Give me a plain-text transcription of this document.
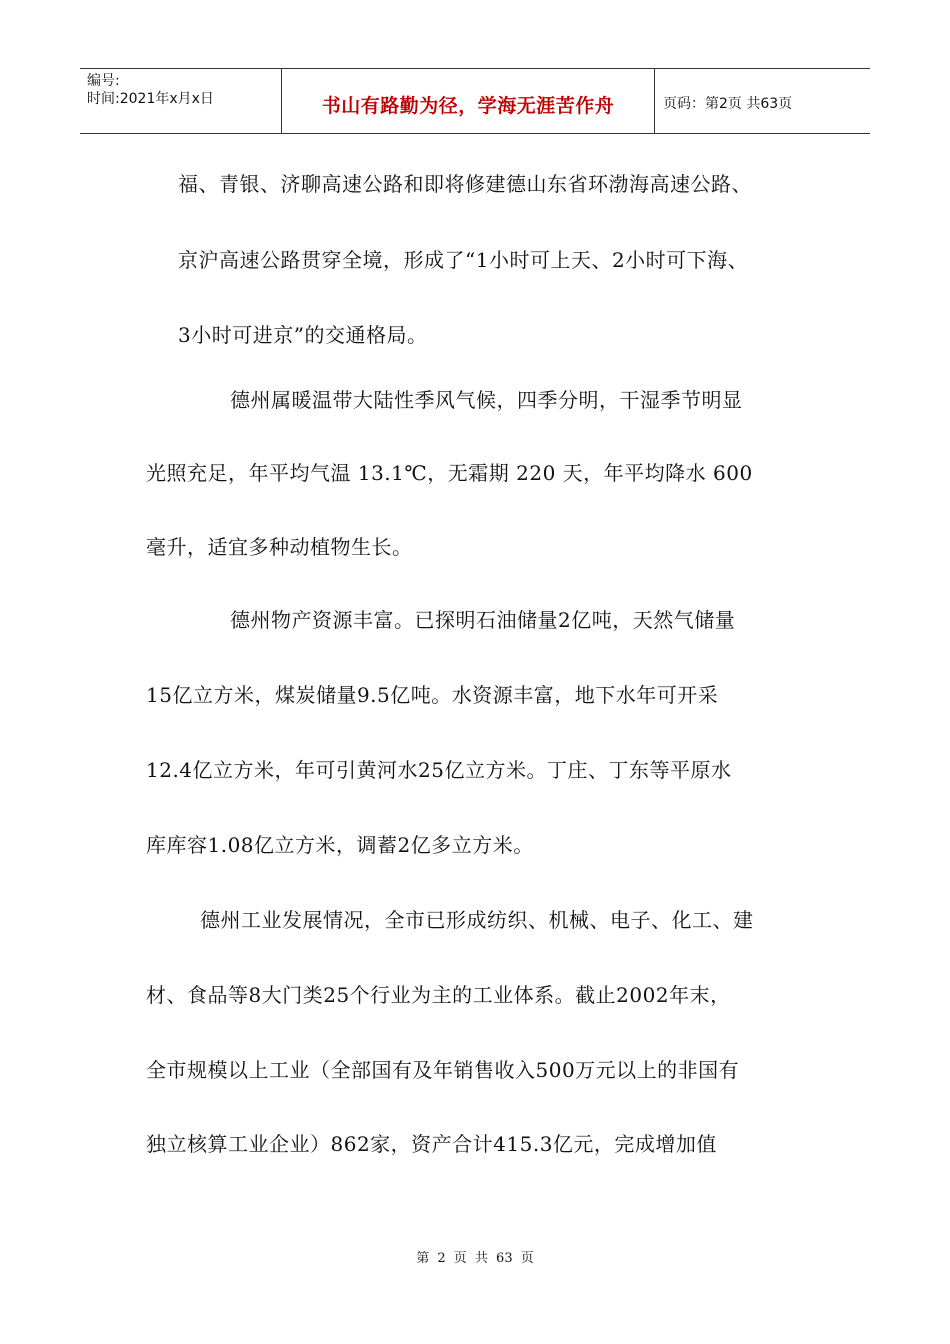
编号:
时间:2021年x月x日	书山有路勤为径，学海无涯苦作舟	页码：第2页 共63页
福、青银、济聊高速公路和即将修建德山东省环渤海高速公路、
京沪高速公路贯穿全境，形成了“1小时可上天、2小时可下海、
3小时可进京”的交通格局。
德州属暖温带大陆性季风气候，四季分明，干湿季节明显
光照充足，年平均气温 13.1℃，无霜期 220 天，年平均降水 600
毫升，适宜多种动植物生长。
德州物产资源丰富。已探明石油储量2亿吨，天然气储量
15亿立方米，煤炭储量9.5亿吨。水资源丰富，地下水年可开采
12.4亿立方米，年可引黄河水25亿立方米。丁庄、丁东等平原水
库库容1.08亿立方米，调蓄2亿多立方米。
德州工业发展情况，全市已形成纺织、机械、电子、化工、建
材、食品等8大门类25个行业为主的工业体系。截止2002年末，
全市规模以上工业（全部国有及年销售收入500万元以上的非国有
独立核算工业企业）862家，资产合计415.3亿元，完成增加值
第 2 页 共 63 页
